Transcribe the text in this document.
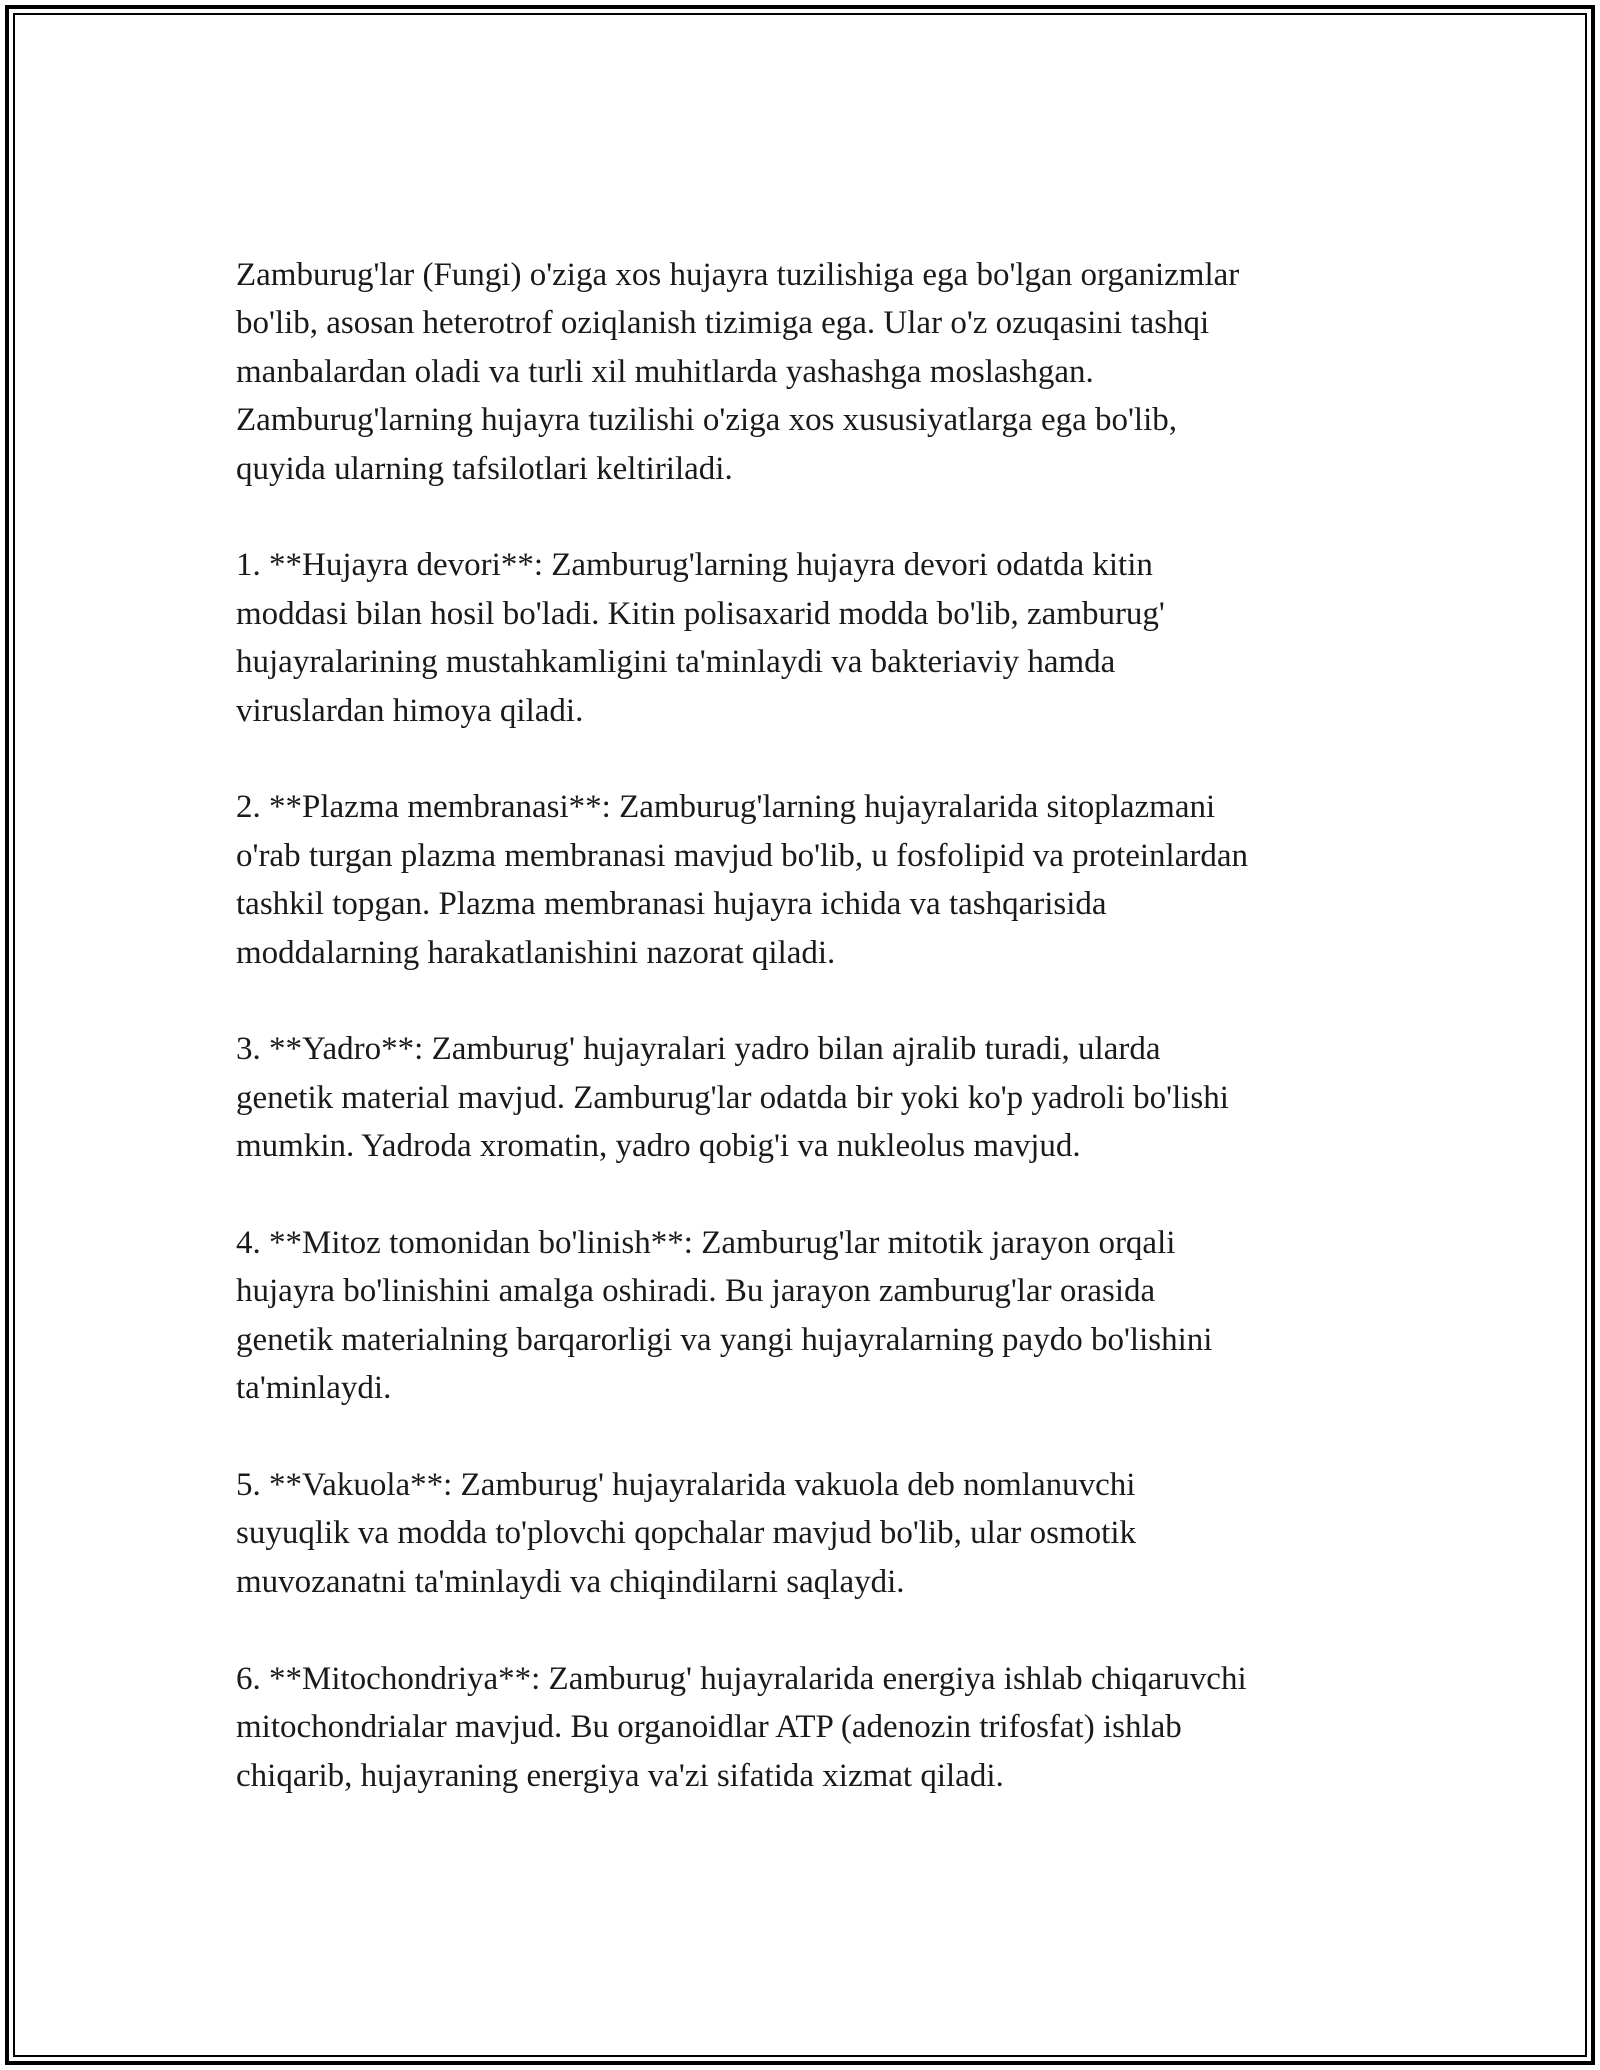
Zamburug'lar (Fungi) o'ziga xos hujayra tuzilishiga ega bo'lgan organizmlar
bo'lib, asosan heterotrof oziqlanish tizimiga ega. Ular o'z ozuqasini tashqi
manbalardan oladi va turli xil muhitlarda yashashga moslashgan.
Zamburug'larning hujayra tuzilishi o'ziga xos xususiyatlarga ega bo'lib,
quyida ularning tafsilotlari keltiriladi.

1. **Hujayra devori**: Zamburug'larning hujayra devori odatda kitin
moddasi bilan hosil bo'ladi. Kitin polisaxarid modda bo'lib, zamburug'
hujayralarining mustahkamligini ta'minlaydi va bakteriaviy hamda
viruslardan himoya qiladi.

2. **Plazma membranasi**: Zamburug'larning hujayralarida sitoplazmani
o'rab turgan plazma membranasi mavjud bo'lib, u fosfolipid va proteinlardan
tashkil topgan. Plazma membranasi hujayra ichida va tashqarisida
moddalarning harakatlanishini nazorat qiladi.

3. **Yadro**: Zamburug' hujayralari yadro bilan ajralib turadi, ularda
genetik material mavjud. Zamburug'lar odatda bir yoki ko'p yadroli bo'lishi
mumkin. Yadroda xromatin, yadro qobig'i va nukleolus mavjud.

4. **Mitoz tomonidan bo'linish**: Zamburug'lar mitotik jarayon orqali
hujayra bo'linishini amalga oshiradi. Bu jarayon zamburug'lar orasida
genetik materialning barqarorligi va yangi hujayralarning paydo bo'lishini
ta'minlaydi.

5. **Vakuola**: Zamburug' hujayralarida vakuola deb nomlanuvchi
suyuqlik va modda to'plovchi qopchalar mavjud bo'lib, ular osmotik
muvozanatni ta'minlaydi va chiqindilarni saqlaydi.

6. **Mitochondriya**: Zamburug' hujayralarida energiya ishlab chiqaruvchi
mitochondrialar mavjud. Bu organoidlar ATP (adenozin trifosfat) ishlab
chiqarib, hujayraning energiya va'zi sifatida xizmat qiladi.
